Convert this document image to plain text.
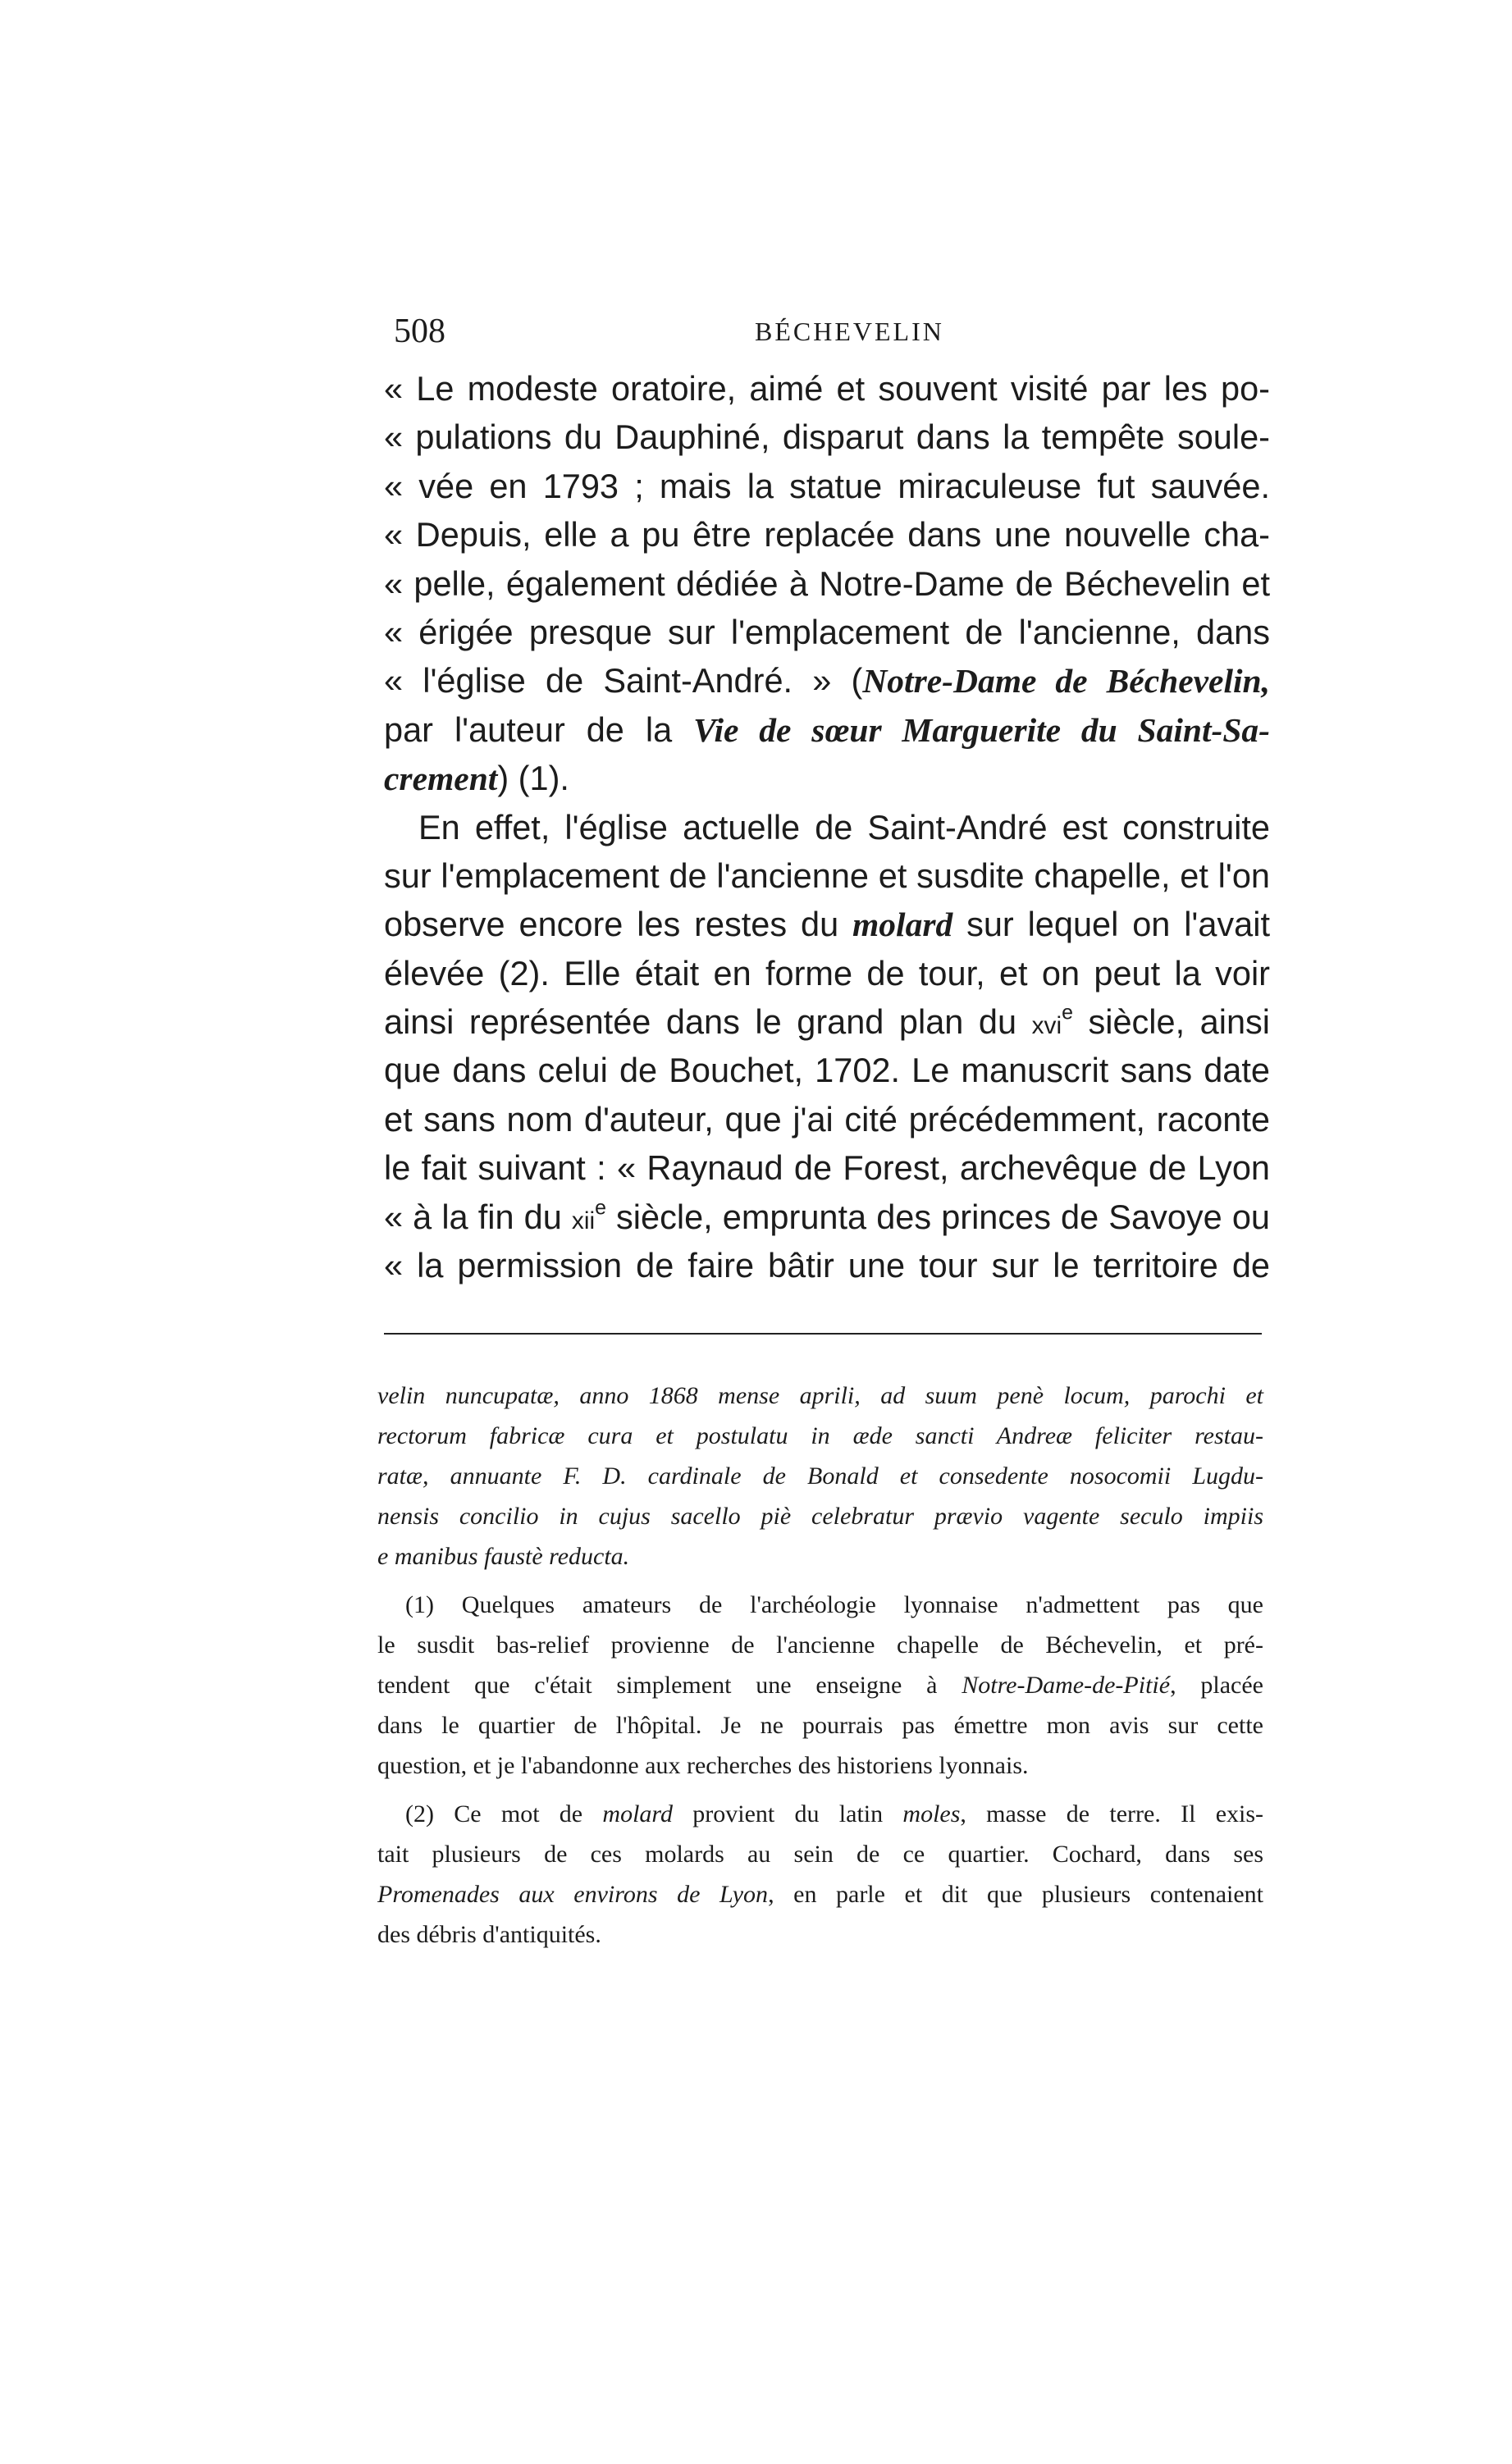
508	BÉCHEVELIN
« Le modeste oratoire, aimé et souvent visité par les po-
« pulations du Dauphiné, disparut dans la tempête soule-
« vée en 1793 ; mais la statue miraculeuse fut sauvée.
« Depuis, elle a pu être replacée dans une nouvelle cha-
« pelle, également dédiée à Notre-Dame de Béchevelin et
« érigée presque sur l'emplacement de l'ancienne, dans
« l'église de Saint-André. » (Notre-Dame de Béchevelin,
par l'auteur de la Vie de sœur Marguerite du Saint-Sa-
crement) (1).
En effet, l'église actuelle de Saint-André est construite
sur l'emplacement de l'ancienne et susdite chapelle, et l'on
observe encore les restes du molard sur lequel on l'avait
élevée (2). Elle était en forme de tour, et on peut la voir
ainsi représentée dans le grand plan du xvi$^e$ siècle, ainsi
que dans celui de Bouchet, 1702. Le manuscrit sans date
et sans nom d'auteur, que j'ai cité précédemment, raconte
le fait suivant : « Raynaud de Forest, archevêque de Lyon
« à la fin du xii$^e$ siècle, emprunta des princes de Savoye ou
« la permission de faire bâtir une tour sur le territoire de
velin nuncupatæ, anno 1868 mense aprili, ad suum penè locum, parochi et
rectorum fabricæ cura et postulatu in æde sancti Andreæ feliciter restau-
ratæ, annuante F. D. cardinale de Bonald et consedente nosocomii Lugdu-
nensis concilio in cujus sacello piè celebratur prævio vagente seculo impiis
e manibus faustè reducta.
(1) Quelques amateurs de l'archéologie lyonnaise n'admettent pas que
le susdit bas-relief provienne de l'ancienne chapelle de Béchevelin, et pré-
tendent que c'était simplement une enseigne à Notre-Dame-de-Pitié, placée
dans le quartier de l'hôpital. Je ne pourrais pas émettre mon avis sur cette
question, et je l'abandonne aux recherches des historiens lyonnais.
(2) Ce mot de molard provient du latin moles, masse de terre. Il exis-
tait plusieurs de ces molards au sein de ce quartier. Cochard, dans ses
Promenades aux environs de Lyon, en parle et dit que plusieurs contenaient
des débris d'antiquités.
